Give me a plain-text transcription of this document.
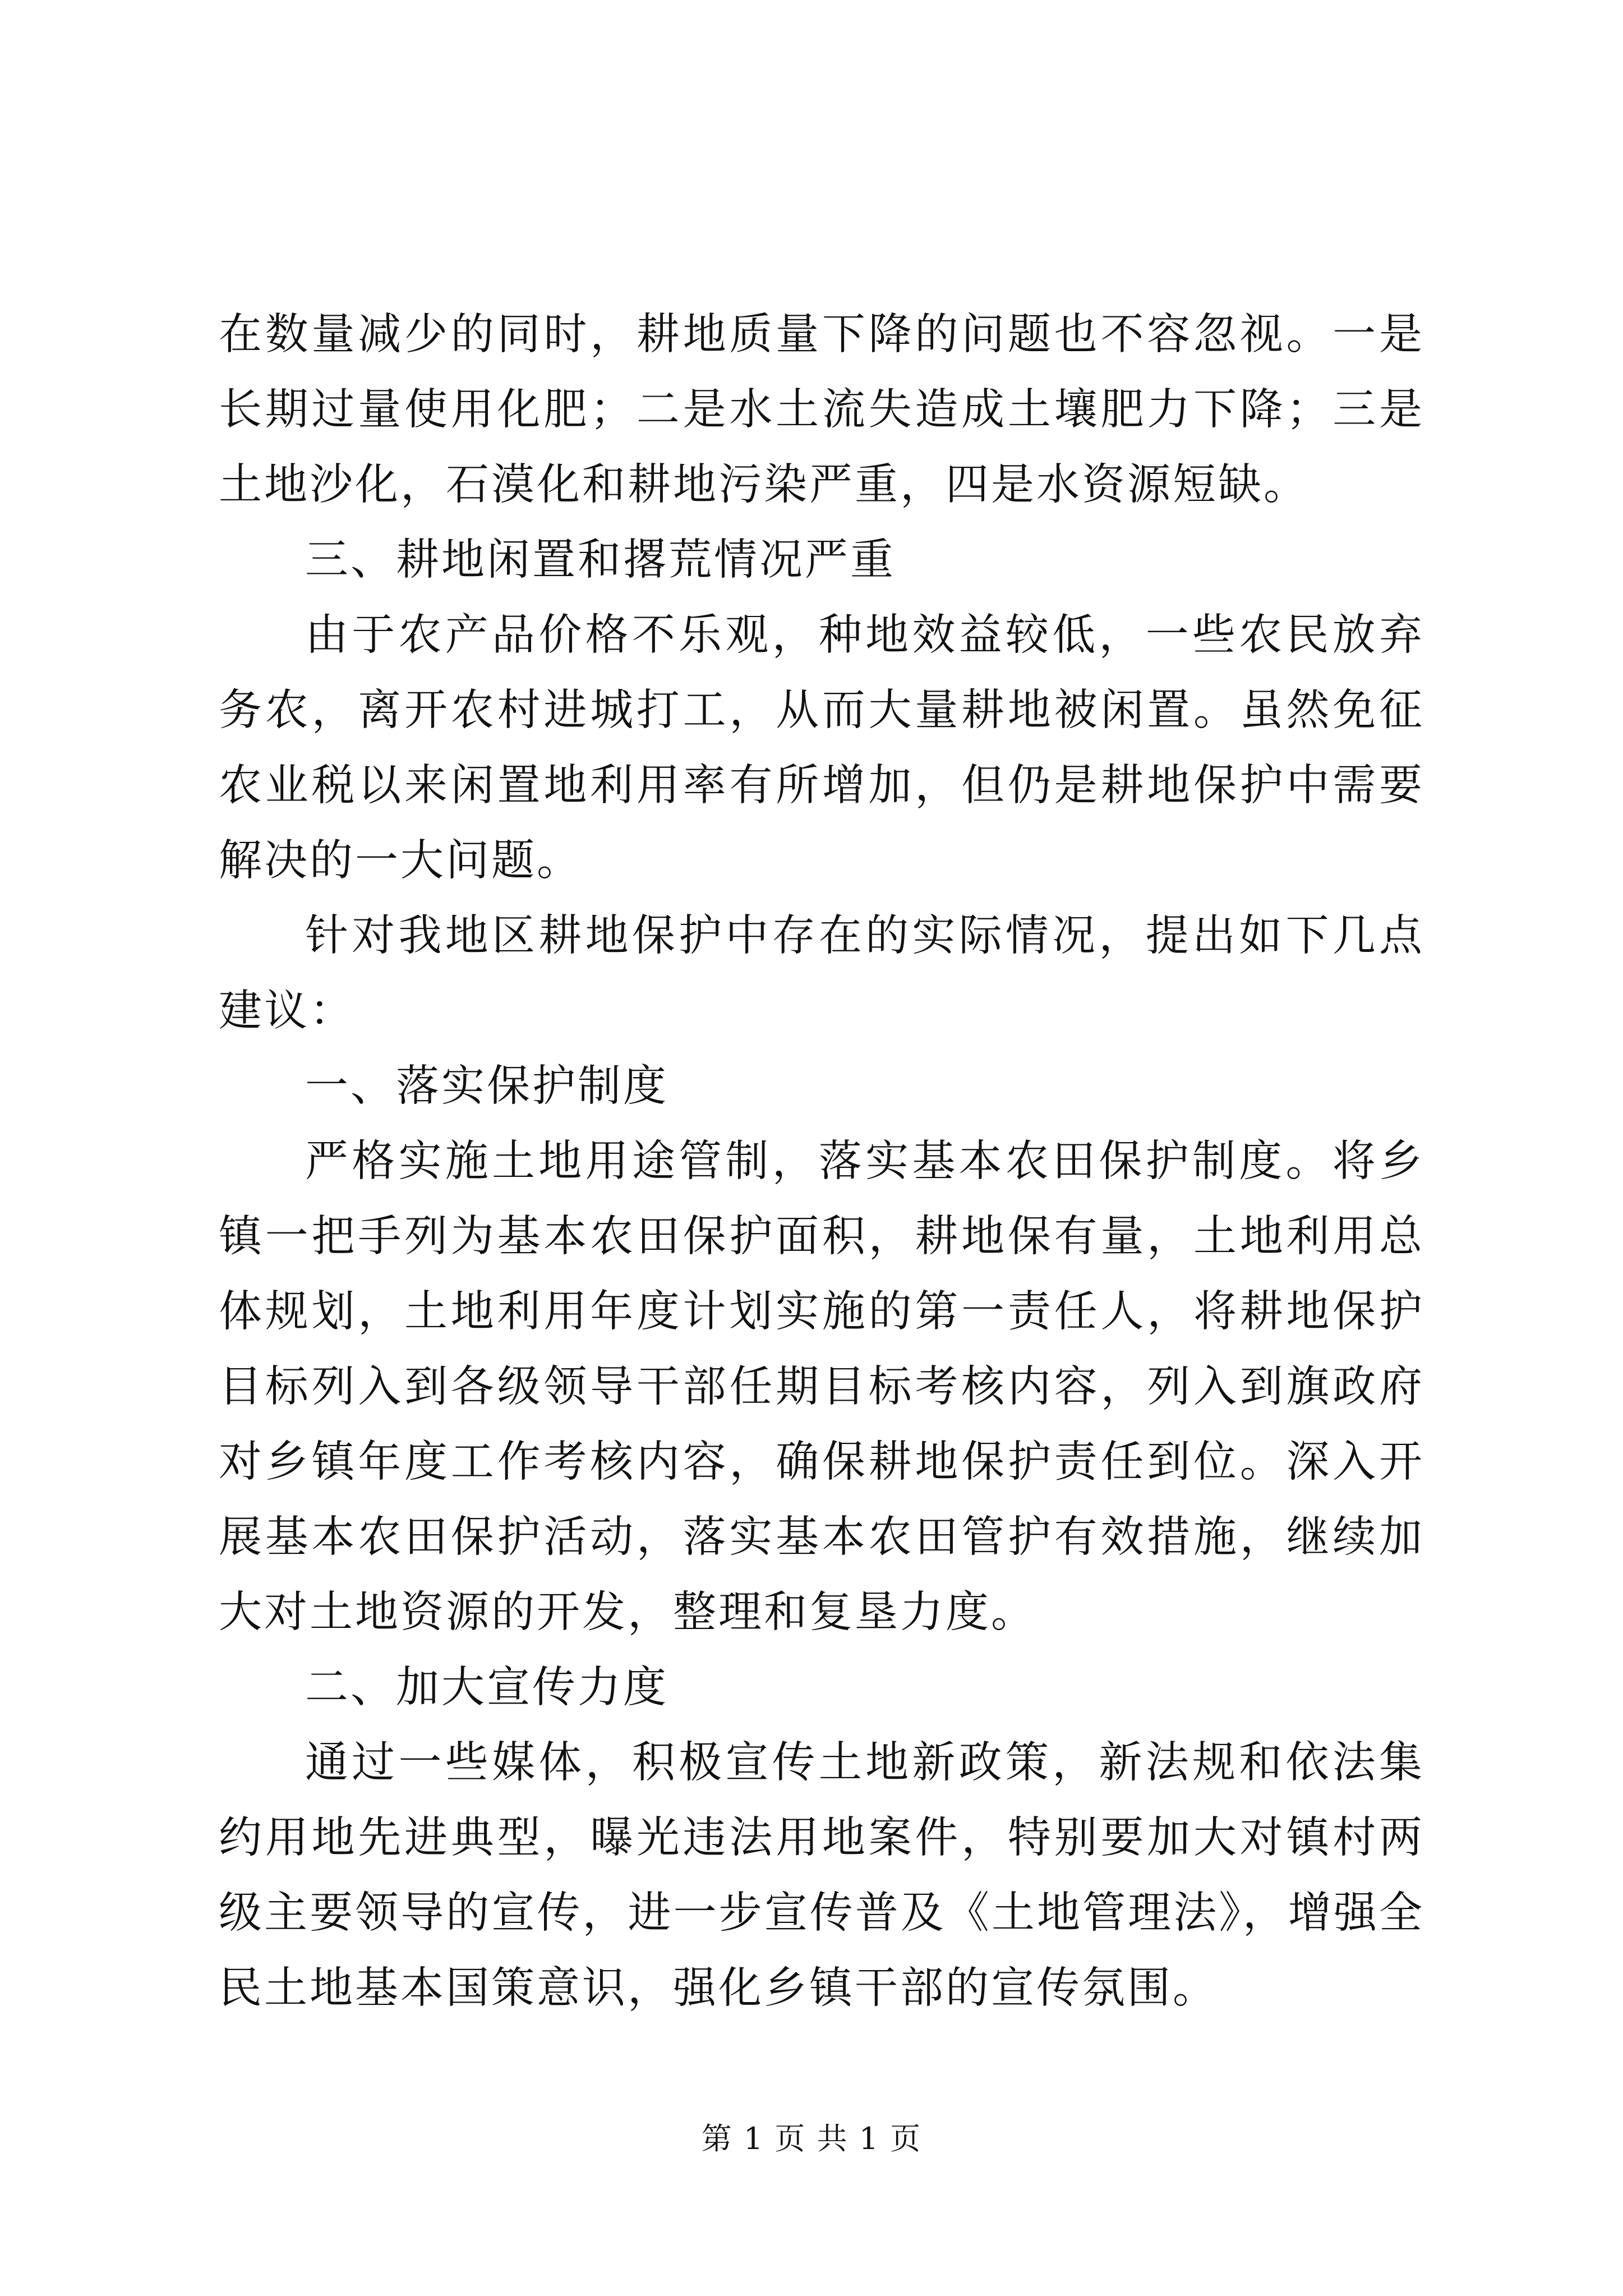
在数量减少的同时，耕地质量下降的问题也不容忽视。一是长期过量使用化肥；二是水土流失造成土壤肥力下降；三是土地沙化，石漠化和耕地污染严重，四是水资源短缺。

三、耕地闲置和撂荒情况严重

由于农产品价格不乐观，种地效益较低，一些农民放弃务农，离开农村进城打工，从而大量耕地被闲置。虽然免征农业税以来闲置地利用率有所增加，但仍是耕地保护中需要解决的一大问题。

针对我地区耕地保护中存在的实际情况，提出如下几点建议：

一、落实保护制度

严格实施土地用途管制，落实基本农田保护制度。将乡镇一把手列为基本农田保护面积，耕地保有量，土地利用总体规划，土地利用年度计划实施的第一责任人，将耕地保护目标列入到各级领导干部任期目标考核内容，列入到旗政府对乡镇年度工作考核内容，确保耕地保护责任到位。深入开展基本农田保护活动，落实基本农田管护有效措施，继续加大对土地资源的开发，整理和复垦力度。

二、加大宣传力度

通过一些媒体，积极宣传土地新政策，新法规和依法集约用地先进典型，曝光违法用地案件，特别要加大对镇村两级主要领导的宣传，进一步宣传普及《土地管理法》，增强全民土地基本国策意识，强化乡镇干部的宣传氛围。

第 1 页 共 1 页
